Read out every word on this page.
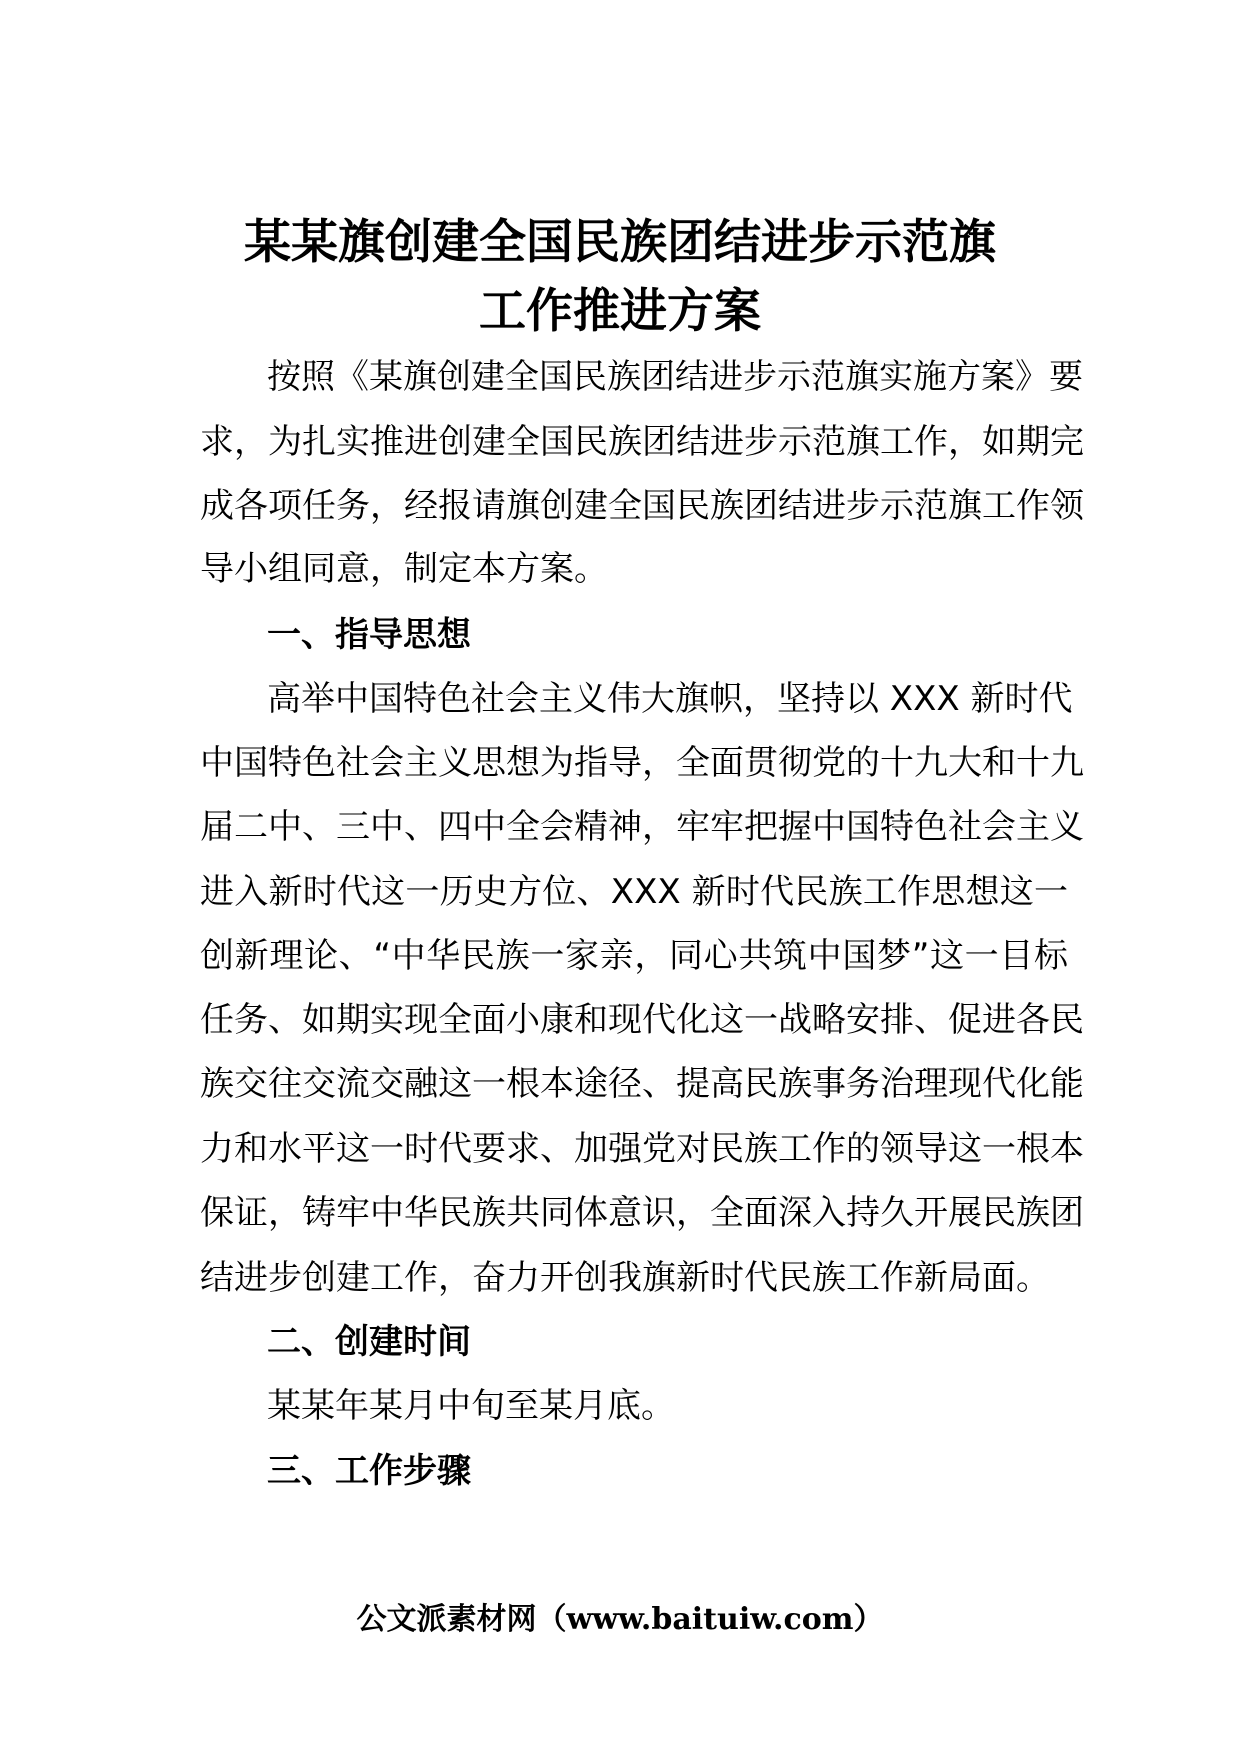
某某旗创建全国民族团结进步示范旗
工作推进方案

按照《某旗创建全国民族团结进步示范旗实施方案》要

求，为扎实推进创建全国民族团结进步示范旗工作，如期完

成各项任务，经报请旗创建全国民族团结进步示范旗工作领

导小组同意，制定本方案。

一、指导思想

高举中国特色社会主义伟大旗帜，坚持以 XXX 新时代

中国特色社会主义思想为指导，全面贯彻党的十九大和十九

届二中、三中、四中全会精神，牢牢把握中国特色社会主义

进入新时代这一历史方位、XXX 新时代民族工作思想这一

创新理论、“中华民族一家亲，同心共筑中国梦”这一目标

任务、如期实现全面小康和现代化这一战略安排、促进各民

族交往交流交融这一根本途径、提高民族事务治理现代化能

力和水平这一时代要求、加强党对民族工作的领导这一根本

保证，铸牢中华民族共同体意识，全面深入持久开展民族团

结进步创建工作，奋力开创我旗新时代民族工作新局面。

二、创建时间

某某年某月中旬至某月底。

三、工作步骤

公文派素材网（www.baituiw.com）
